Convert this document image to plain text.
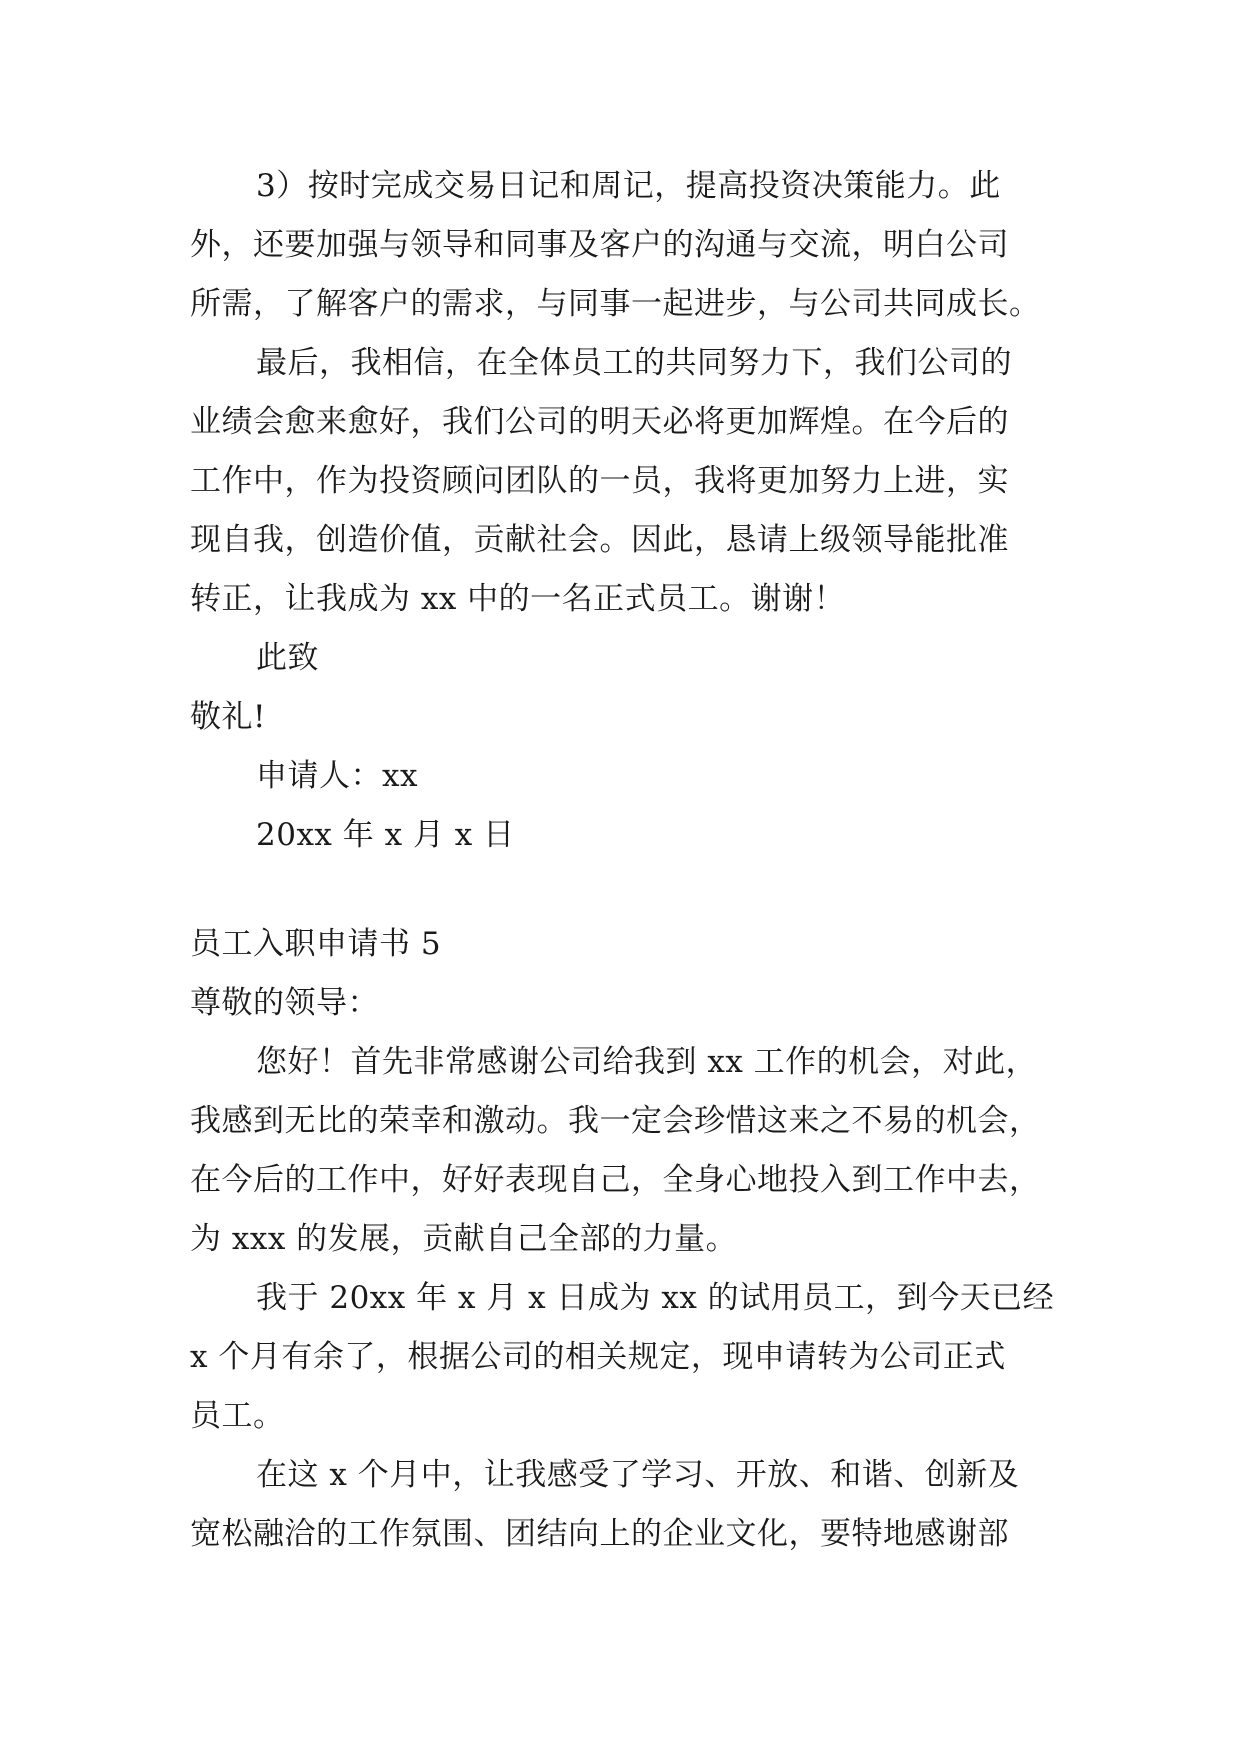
3）按时完成交易日记和周记，提高投资决策能力。此
外，还要加强与领导和同事及客户的沟通与交流，明白公司
所需，了解客户的需求，与同事一起进步，与公司共同成长。
最后，我相信，在全体员工的共同努力下，我们公司的
业绩会愈来愈好，我们公司的明天必将更加辉煌。在今后的
工作中，作为投资顾问团队的一员，我将更加努力上进，实
现自我，创造价值，贡献社会。因此，恳请上级领导能批准
转正，让我成为 xx 中的一名正式员工。谢谢！
此致
敬礼!
申请人：xx
20xx 年 x 月 x 日
员工入职申请书 5
尊敬的领导：
您好！首先非常感谢公司给我到 xx 工作的机会，对此，
我感到无比的荣幸和激动。我一定会珍惜这来之不易的机会，
在今后的工作中，好好表现自己，全身心地投入到工作中去，
为 xxx 的发展，贡献自己全部的力量。
我于 20xx 年 x 月 x 日成为 xx 的试用员工，到今天已经
x 个月有余了，根据公司的相关规定，现申请转为公司正式
员工。
在这 x 个月中，让我感受了学习、开放、和谐、创新及
宽松融洽的工作氛围、团结向上的企业文化，要特地感谢部
